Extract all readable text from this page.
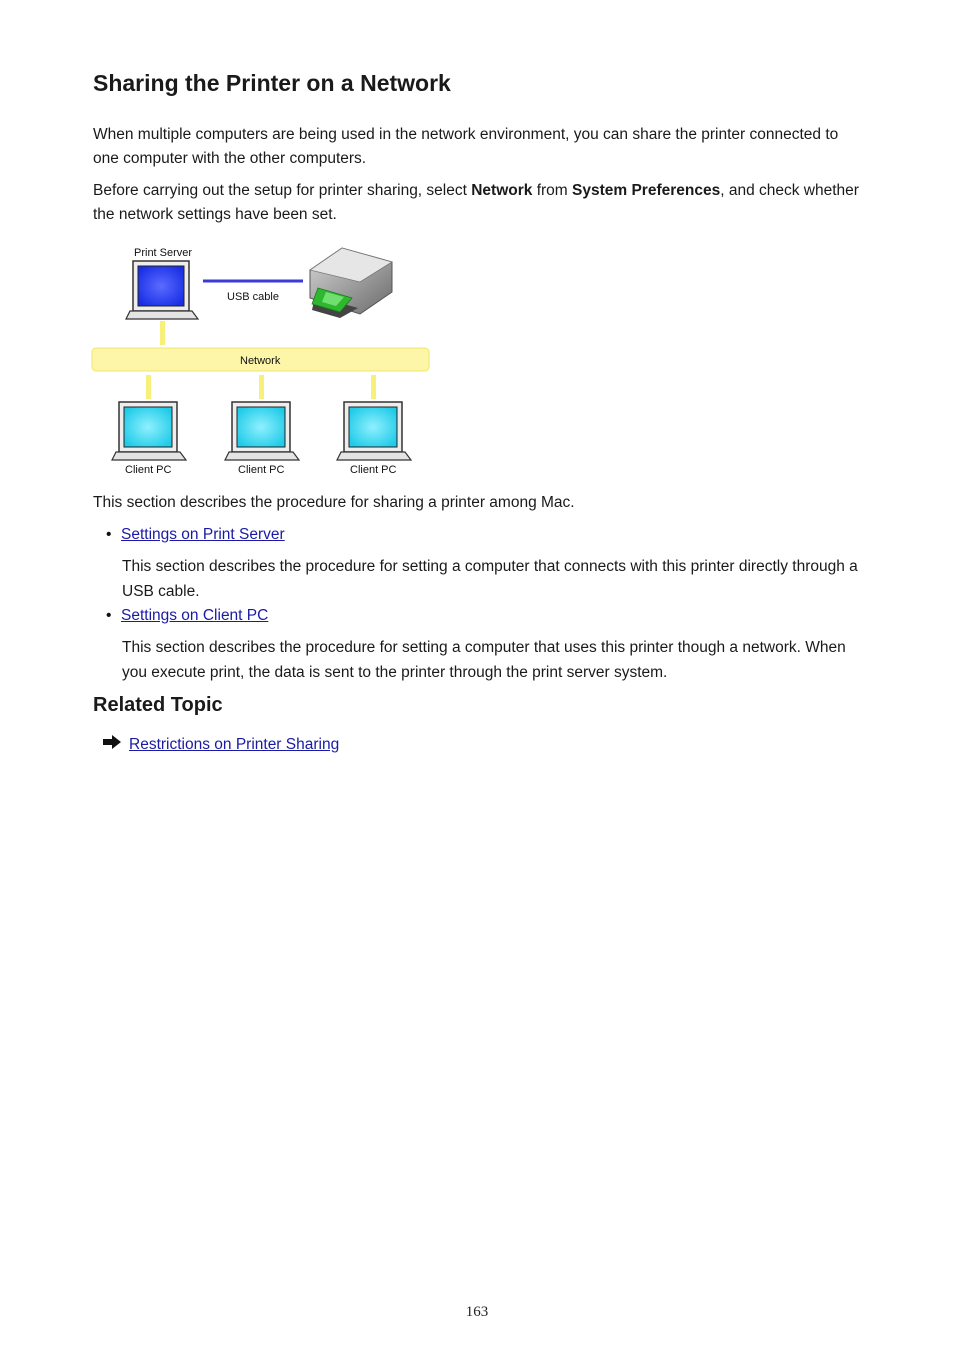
Sharing the Printer on a Network

When multiple computers are being used in the network environment, you can share the printer connected to one computer with the other computers.

Before carrying out the setup for printer sharing, select Network from System Preferences, and check whether the network settings have been set.

Print Server
USB cable
Network
Client PC	Client PC	Client PC

This section describes the procedure for sharing a printer among Mac.

• Settings on Print Server

This section describes the procedure for setting a computer that connects with this printer directly through a USB cable.

• Settings on Client PC

This section describes the procedure for setting a computer that uses this printer though a network. When you execute print, the data is sent to the printer through the print server system.

Related Topic
Restrictions on Printer Sharing
163
